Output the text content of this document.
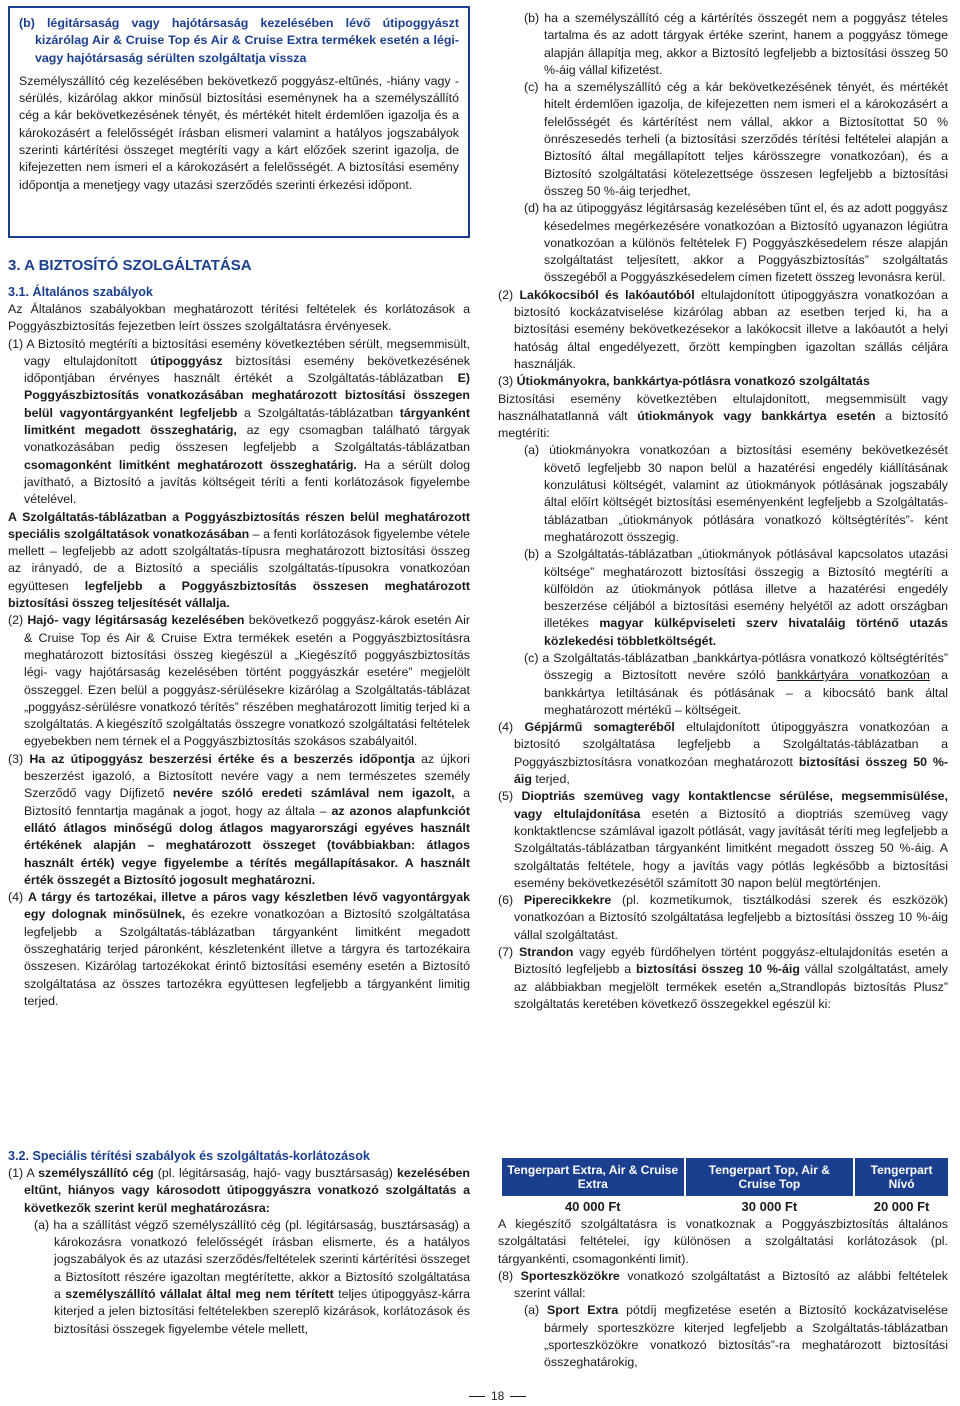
(b) légitársaság vagy hajótársaság kezelésében lévő útipoggyászt kizárólag Air & Cruise Top és Air & Cruise Extra termékek esetén a légi- vagy hajótársaság sérülten szolgáltatja vissza

Személyszállító cég kezelésében bekövetkező poggyász-eltűnés, -hiány vagy -sérülés, kizárólag akkor minősül biztosítási eseménynek ha a személyszállító cég a kár bekövetkezésének tényét, és mértékét hitelt érdemlően igazolja és a károkozásért a felelősségét írásban elismeri valamint a hatályos jogszabályok szerinti kártérítési összeget megtéríti vagy a kárt előzőek szerint igazolja, de kifejezetten nem ismeri el a károkozásért a felelősségét. A biztosítási esemény időpontja a menetjegy vagy utazási szerződés szerinti érkezési időpont.

3. A BIZTOSÍTÓ SZOLGÁLTATÁSA
3.1. Általános szabályok

Az Általános szabályokban meghatározott térítési feltételek és korlátozások a Poggyászbiztosítás fejezetben leírt összes szolgáltatásra érvényesek.

(1) A Biztosító megtéríti a biztosítási esemény következtében sérült, megsemmisült, vagy eltulajdonított útipoggyász biztosítási esemény bekövetkezésének időpontjában érvényes használt értékét a Szolgáltatás-táblázatban E) Poggyászbiztosítás vonatkozásában meghatározott biztosítási összegen belül vagyontárgyanként legfeljebb a Szolgáltatás-táblázatban tárgyanként limitként megadott összeghatárig, az egy csomagban található tárgyak vonatkozásában pedig összesen legfeljebb a Szolgáltatás-táblázatban csomagonként limitként meghatározott összeghatárig. Ha a sérült dolog javítható, a Biztosító a javítás költségeit téríti a fenti korlátozások figyelembe vételével.

A Szolgáltatás-táblázatban a Poggyászbiztosítás részen belül meghatározott speciális szolgáltatások vonatkozásában – a fenti korlátozások figyelembe vétele mellett – legfeljebb az adott szolgáltatás-típusra meghatározott biztosítási összeg az irányadó, de a Biztosító a speciális szolgáltatás-típusokra vonatkozóan együttesen legfeljebb a Poggyászbiztosítás összesen meghatározott biztosítási összeg teljesítését vállalja.

(2) Hajó- vagy légitársaság kezelésében bekövetkező poggyász-károk esetén Air & Cruise Top és Air & Cruise Extra termékek esetén a Poggyászbiztosításra meghatározott biztosítási összeg kiegészül a „Kiegészítő poggyászbiztosítás légi- vagy hajótársaság kezelésében történt poggyászkár esetére” megjelölt összeggel. Ezen belül a poggyász-sérülésekre kizárólag a Szolgáltatás-táblázat „poggyász-sérülésre vonatkozó térítés” részében meghatározott limitig terjed ki a szolgáltatás. A kiegészítő szolgáltatás összegre vonatkozó szolgáltatási feltételek egyebekben nem térnek el a Poggyászbiztosítás szokásos szabályaitól.

(3) Ha az útipoggyász beszerzési értéke és a beszerzés időpontja az újkori beszerzést igazoló, a Biztosított nevére vagy a nem természetes személy Szerződő vagy Díjfizető nevére szóló eredeti számlával nem igazolt, a Biztosító fenntartja magának a jogot, hogy az általa – az azonos alapfunkciót ellátó átlagos minőségű dolog átlagos magyarországi egyéves használt értékének alapján – meghatározott összeget (továbbiakban: átlagos használt érték) vegye figyelembe a térítés megállapításakor. A használt érték összegét a Biztosító jogosult meghatározni.

(4) A tárgy és tartozékai, illetve a páros vagy készletben lévő vagyontárgyak egy dolognak minősülnek, és ezekre vonatkozóan a Biztosító szolgáltatása legfeljebb a Szolgáltatás-táblázatban tárgyanként limitként megadott összeghatárig terjed páronként, készletenként illetve a tárgyra és tartozékaira összesen. Kizárólag tartozékokat érintő biztosítási esemény esetén a Biztosító szolgáltatása az összes tartozékra együttesen legfeljebb a tárgyanként limitig terjed.

3.2. Speciális térítési szabályok és szolgáltatás-korlátozások

(1) A személyszállító cég (pl. légitársaság, hajó- vagy busztársaság) kezelésében eltűnt, hiányos vagy károsodott útipoggyászra vonatkozó szolgáltatás a következők szerint kerül meghatározásra:

(a) ha a szállítást végző személyszállító cég (pl. légitársaság, busztársaság) a károkozásra vonatkozó felelősségét írásban elismerte, és a hatályos jogszabályok és az utazási szerződés/feltételek szerinti kártérítési összeget a Biztosított részére igazoltan megtérítette, akkor a Biztosító szolgáltatása a személyszállító vállalat által meg nem térített teljes útipoggyász-kárra kiterjed a jelen biztosítási feltételekben szereplő kizárások, korlátozások és biztosítási összegek figyelembe vétele mellett,

(b) ha a személyszállító cég a kártérítés összegét nem a poggyász tételes tartalma és az adott tárgyak értéke szerint, hanem a poggyász tömege alapján állapítja meg, akkor a Biztosító legfeljebb a biztosítási összeg 50 %-áig vállal kifizetést.

(c) ha a személyszállító cég a kár bekövetkezésének tényét, és mértékét hitelt érdemlően igazolja, de kifejezetten nem ismeri el a károkozásért a felelősségét és kártérítést nem vállal, akkor a Biztosítottat 50 % önrészesedés terheli (a biztosítási szerződés térítési feltételei alapján a Biztosító által megállapított teljes kárösszegre vonatkozóan), és a Biztosító szolgáltatási kötelezettsége összesen legfeljebb a biztosítási összeg 50 %-áig terjedhet,

(d) ha az útipoggyász légitársaság kezelésében tűnt el, és az adott poggyász késedelmes megérkezésére vonatkozóan a Biztosító ugyanazon légiútra vonatkozóan a különös feltételek F) Poggyászkésedelem része alapján szolgáltatást teljesített, akkor a Poggyászbiztosítás” szolgáltatás összegéből a Poggyászkésedelem címen fizetett összeg levonásra kerül.

(2) Lakókocsiból és lakóautóból eltulajdonított útipoggyászra vonatkozóan a biztosító kockázatviselése kizárólag abban az esetben terjed ki, ha a biztosítási esemény bekövetkezésekor a lakókocsit illetve a lakóautót a helyi hatóság által engedélyezett, őrzött kempingben igazoltan szállás céljára használják.

(3) Útiokmányokra, bankkártya-pótlásra vonatkozó szolgáltatás

Biztosítási esemény következtében eltulajdonított, megsemmisült vagy használhatatlanná vált útiokmányok vagy bankkártya esetén a biztosító megtéríti:

(a) útiokmányokra vonatkozóan a biztosítási esemény bekövetkezését követő legfeljebb 30 napon belül a hazatérési engedély kiállításának konzulátusi költségét, valamint az útiokmányok pótlásának jogszabály által előírt költségét biztosítási eseményenként legfeljebb a Szolgáltatás-táblázatban „útiokmányok pótlására vonatkozó költségtérítés”- ként meghatározott összegig.

(b) a Szolgáltatás-táblázatban „útiokmányok pótlásával kapcsolatos utazási költsége” meghatározott biztosítási összegig a Biztosító megtéríti a külföldön az útiokmányok pótlása illetve a hazatérési engedély beszerzése céljából a biztosítási esemény helyétől az adott országban illetékes magyar külképviseleti szerv hivataláig történő utazás közlekedési többletköltségét.

(c) a Szolgáltatás-táblázatban „bankkártya-pótlásra vonatkozó költségtérítés” összegig a Biztosított nevére szóló bankkártyára vonatkozóan a bankkártya letiltásának és pótlásának – a kibocsátó bank által meghatározott mértékű – költségeit.

(4) Gépjármű somagteréből eltulajdonított útipoggyászra vonatkozóan a biztosító szolgáltatása legfeljebb a Szolgáltatás-táblázatban a Poggyászbiztosításra vonatkozóan meghatározott biztosítási összeg 50 %-áig terjed,

(5) Dioptriás szemüveg vagy kontaktlencse sérülése, megsemmisülése, vagy eltulajdonítása esetén a Biztosító a dioptriás szemüveg vagy konktaktlencse számlával igazolt pótlását, vagy javítását téríti meg legfeljebb a Szolgáltatás-táblázatban tárgyanként limitként megadott összeg 50 %-áig. A szolgáltatás feltétele, hogy a javítás vagy pótlás legkésőbb a biztosítási esemény bekövetkezésétől számított 30 napon belül megtörténjen.

(6) Piperecikkekre (pl. kozmetikumok, tisztálkodási szerek és eszközök) vonatkozóan a Biztosító szolgáltatása legfeljebb a biztosítási összeg 10 %-áig vállal szolgáltatást.

(7) Strandon vagy egyéb fürdőhelyen történt poggyász-eltulajdonítás esetén a Biztosító legfeljebb a biztosítási összeg 10 %-áig vállal szolgáltatást, amely az alábbiakban megjelölt termékek esetén a„Strandlopás biztosítás Plusz” szolgáltatás keretében következő összegekkel egészül ki:

Tengerpart Extra, Air & Cruise Extra	Tengerpart Top, Air & Cruise Top	Tengerpart Nívó
40 000 Ft	30 000 Ft	20 000 Ft

A kiegészítő szolgáltatásra is vonatkoznak a Poggyászbiztosítás általános szolgáltatási feltételei, így különösen a szolgáltatási korlátozások (pl. tárgyankénti, csomagonkénti limit).

(8) Sporteszközökre vonatkozó szolgáltatást a Biztosító az alábbi feltételek szerint vállal:

(a) Sport Extra pótdíj megfizetése esetén a Biztosító kockázatviselése bármely sporteszközre kiterjed legfeljebb a Szolgáltatás-táblázatban „sporteszközökre vonatkozó biztosítás”-ra meghatározott biztosítási összeghatárokig,

18
